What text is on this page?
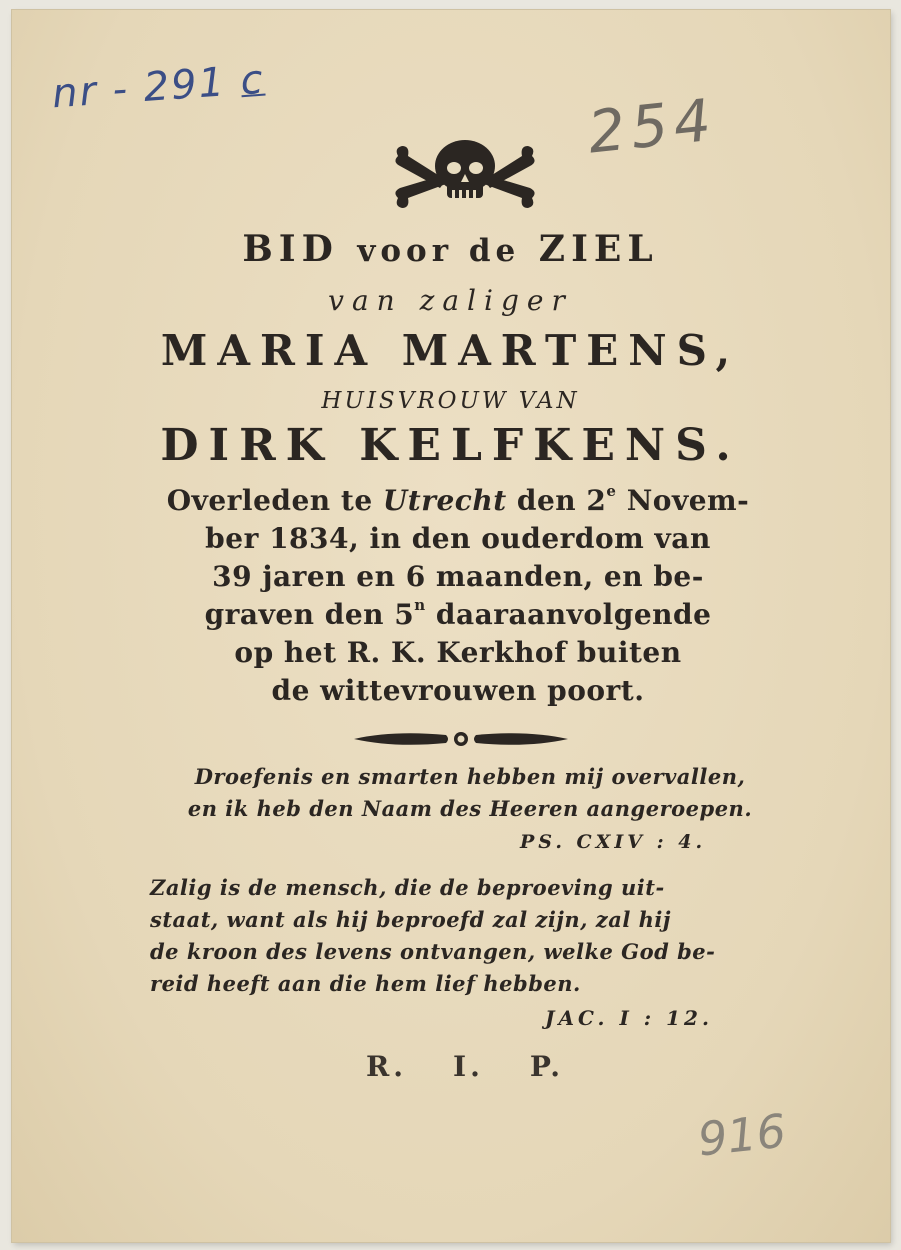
nr - 291 c
254
916
BID voor de ZIEL
van zaliger
MARIA MARTENS,
HUISVROUW VAN
DIRK KELFKENS.
Overleden te Utrecht den 2e Novem-
ber 1834, in den ouderdom van
39 jaren en 6 maanden, en be-
graven den 5$^n$ daaraanvolgende
op het R. K. Kerkhof buiten
de wittevrouwen poort.
Droefenis en smarten hebben mij overvallen,
en ik heb den Naam des Heeren aangeroepen.
PS. CXIV : 4.
Zalig is de mensch, die de beproeving uit-
staat, want als hij beproefd zal zijn, zal hij
de kroon des levens ontvangen, welke God be-
reid heeft aan die hem lief hebben.
JAC. I : 12.
R. I. P.
